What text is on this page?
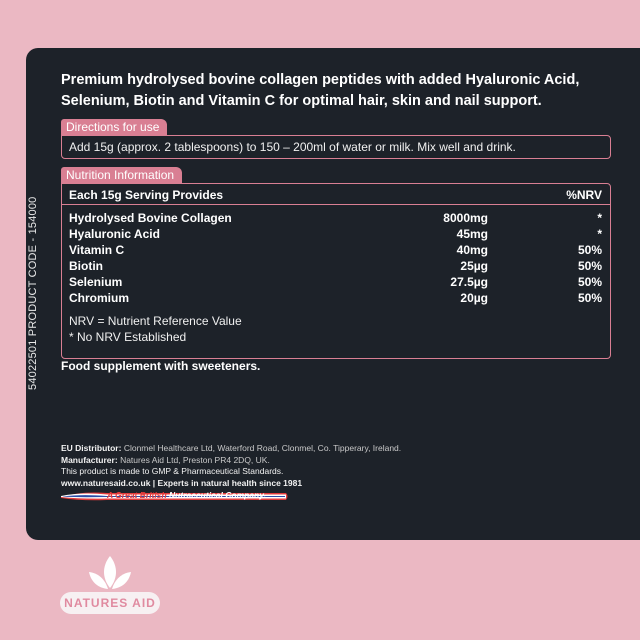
Premium hydrolysed bovine collagen peptides with added Hyaluronic Acid, Selenium, Biotin and Vitamin C for optimal hair, skin and nail support.
Directions for use
Add 15g (approx. 2 tablespoons) to 150 – 200ml of water or milk. Mix well and drink.
Nutrition Information
Each 15g Serving Provides	%NRV
Hydrolysed Bovine Collagen	8000mg	*
Hyaluronic Acid	45mg	*
Vitamin C	40mg	50%
Biotin	25µg	50%
Selenium	27.5µg	50%
Chromium	20µg	50%
NRV = Nutrient Reference Value
* No NRV Established
Food supplement with sweeteners.
EU Distributor: Clonmel Healthcare Ltd, Waterford Road, Clonmel, Co. Tipperary, Ireland.
Manufacturer: Natures Aid Ltd, Preston PR4 2DQ, UK.
This product is made to GMP & Pharmaceutical Standards.
www.naturesaid.co.uk | Experts in natural health since 1981
A Great British Nutraceutical Company.
54022501 PRODUCT CODE - 154000
NATURES AID
